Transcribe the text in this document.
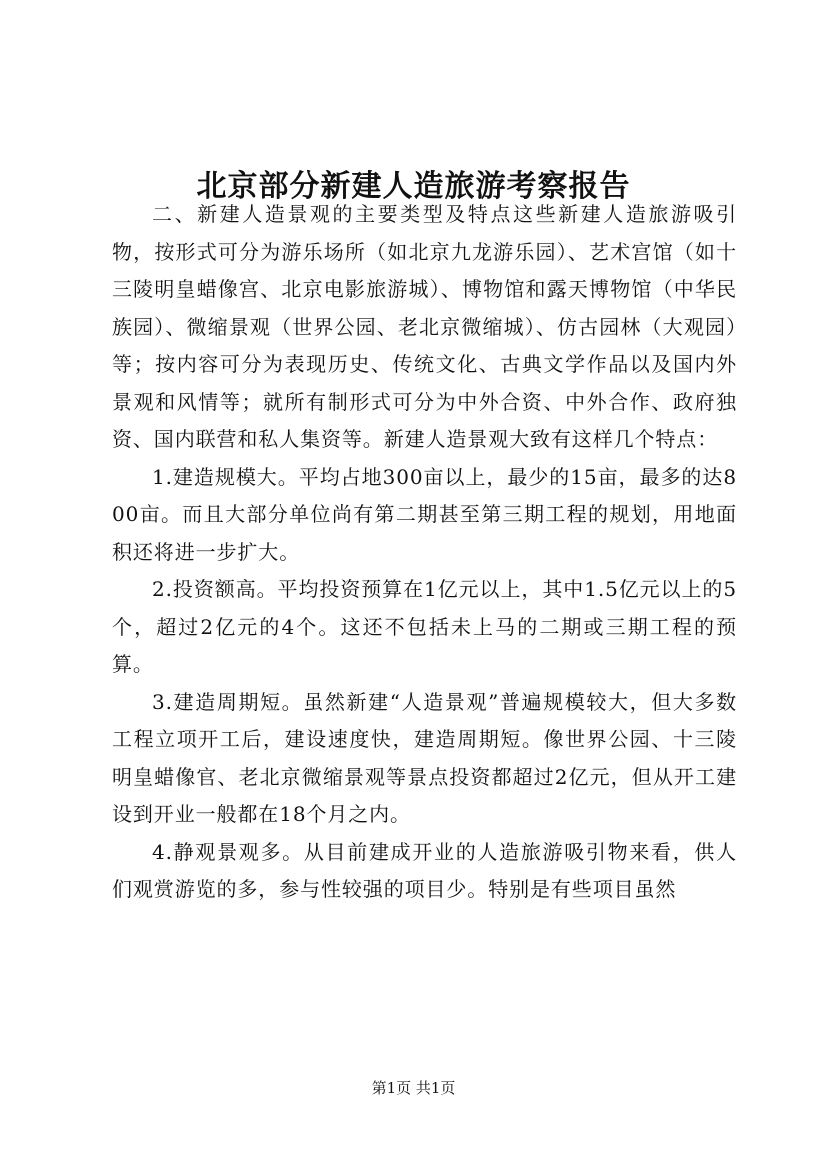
北京部分新建人造旅游考察报告

二、新建人造景观的主要类型及特点这些新建人造旅游吸引物，按形式可分为游乐场所（如北京九龙游乐园）、艺术宫馆（如十三陵明皇蜡像宫、北京电影旅游城）、博物馆和露天博物馆（中华民族园）、微缩景观（世界公园、老北京微缩城）、仿古园林（大观园）等；按内容可分为表现历史、传统文化、古典文学作品以及国内外景观和风情等；就所有制形式可分为中外合资、中外合作、政府独资、国内联营和私人集资等。新建人造景观大致有这样几个特点：

1.建造规模大。平均占地300亩以上，最少的15亩，最多的达800亩。而且大部分单位尚有第二期甚至第三期工程的规划，用地面积还将进一步扩大。

2.投资额高。平均投资预算在1亿元以上，其中1.5亿元以上的5个，超过2亿元的4个。这还不包括未上马的二期或三期工程的预算。

3.建造周期短。虽然新建“人造景观”普遍规模较大，但大多数工程立项开工后，建设速度快，建造周期短。像世界公园、十三陵明皇蜡像官、老北京微缩景观等景点投资都超过2亿元，但从开工建设到开业一般都在18个月之内。

4.静观景观多。从目前建成开业的人造旅游吸引物来看，供人们观赏游览的多，参与性较强的项目少。特别是有些项目虽然

第1页 共1页
